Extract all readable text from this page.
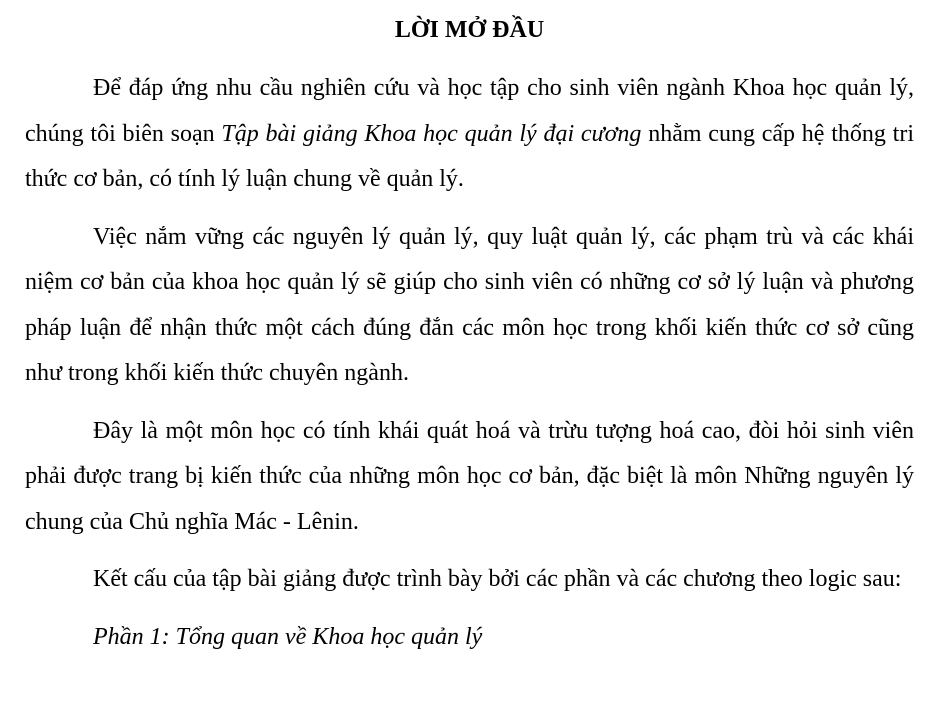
LỜI MỞ ĐẦU

Để đáp ứng nhu cầu nghiên cứu và học tập cho sinh viên ngành Khoa học quản lý, chúng tôi biên soạn Tập bài giảng Khoa học quản lý đại cương nhằm cung cấp hệ thống tri thức cơ bản, có tính lý luận chung về quản lý.

Việc nắm vững các nguyên lý quản lý, quy luật quản lý, các phạm trù và các khái niệm cơ bản của khoa học quản lý sẽ giúp cho sinh viên có những cơ sở lý luận và phương pháp luận để nhận thức một cách đúng đắn các môn học trong khối kiến thức cơ sở cũng như trong khối kiến thức chuyên ngành.

Đây là một môn học có tính khái quát hoá và trừu tượng hoá cao, đòi hỏi sinh viên phải được trang bị kiến thức của những môn học cơ bản, đặc biệt là môn Những nguyên lý chung của Chủ nghĩa Mác - Lênin.

Kết cấu của tập bài giảng được trình bày bởi các phần và các chương theo logic sau:

Phần 1: Tổng quan về Khoa học quản lý
